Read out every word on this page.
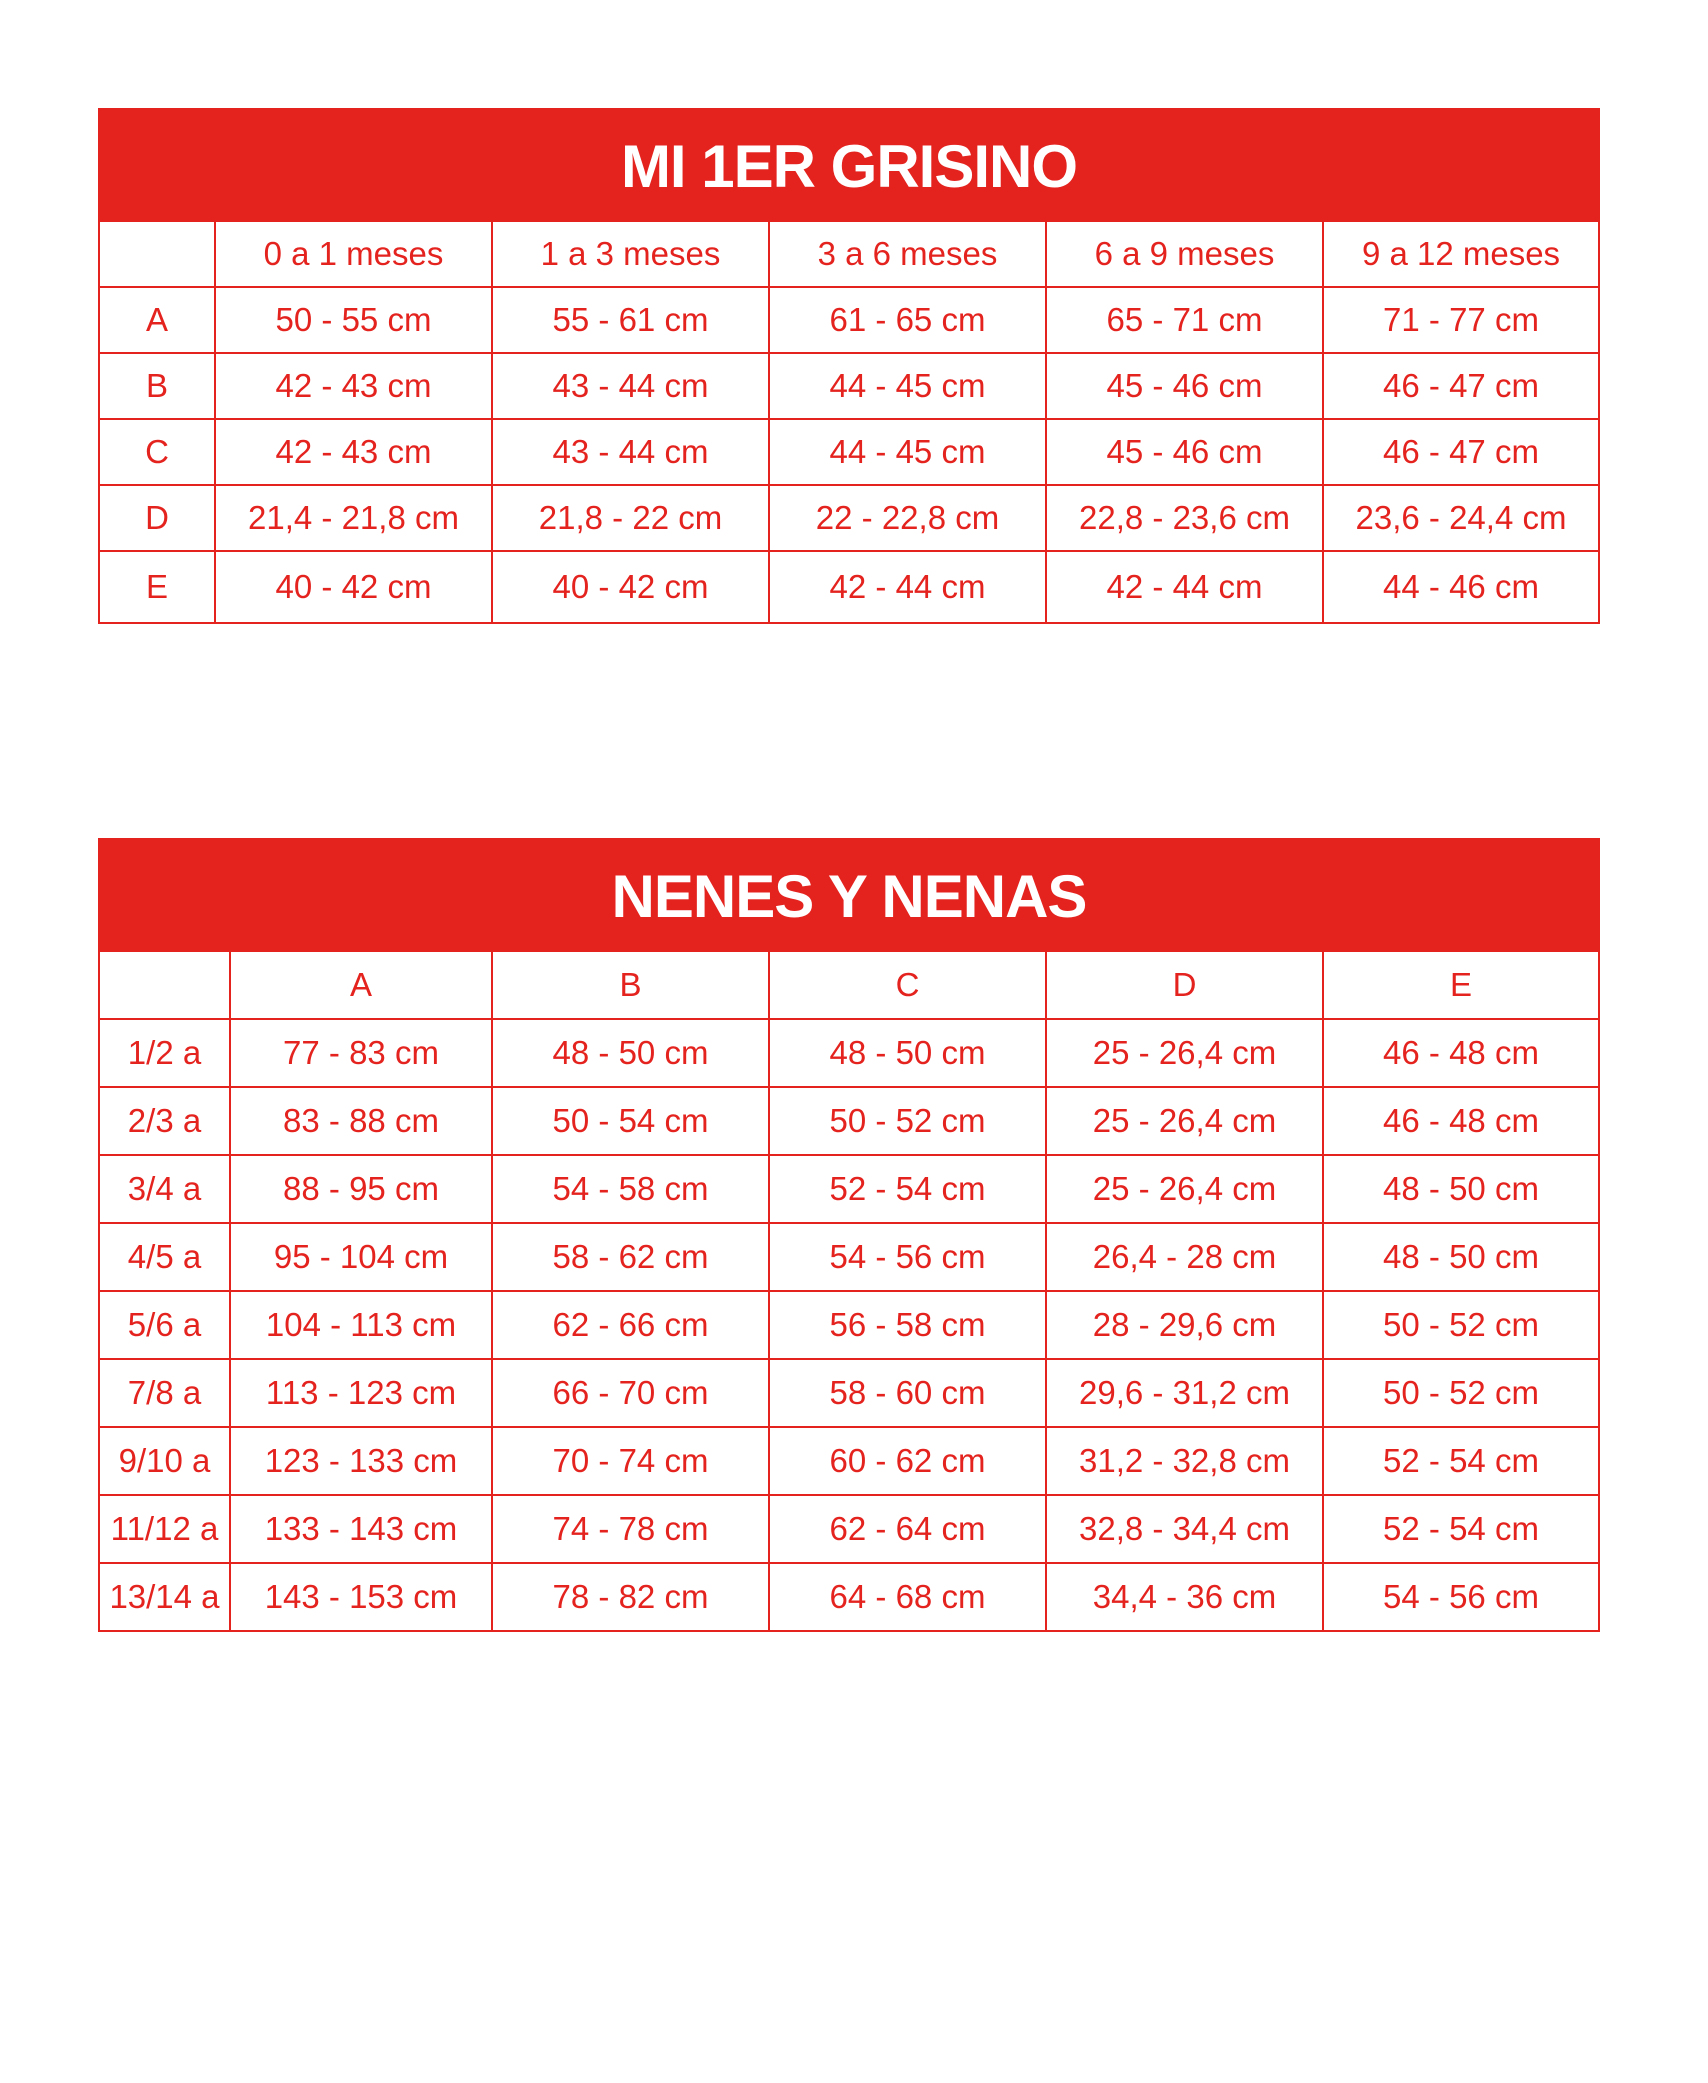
MI 1ER GRISINO
	0 a 1 meses	1 a 3 meses	3 a 6 meses	6 a 9 meses	9 a 12 meses
A	50 - 55 cm	55 - 61 cm	61 - 65 cm	65 - 71 cm	71 - 77 cm
B	42 - 43 cm	43 - 44 cm	44 - 45 cm	45 - 46 cm	46 - 47 cm
C	42 - 43 cm	43 - 44 cm	44 - 45 cm	45 - 46 cm	46 - 47 cm
D	21,4 - 21,8 cm	21,8 - 22 cm	22 - 22,8 cm	22,8 - 23,6 cm	23,6 - 24,4 cm
E	40 - 42 cm	40 - 42 cm	42 - 44 cm	42 - 44 cm	44 - 46 cm
NENES Y NENAS
	A	B	C	D	E
1/2 a	77 - 83 cm	48 - 50 cm	48 - 50 cm	25 - 26,4 cm	46 - 48 cm
2/3 a	83 - 88 cm	50 - 54 cm	50 - 52 cm	25 - 26,4 cm	46 - 48 cm
3/4 a	88 - 95 cm	54 - 58 cm	52 - 54 cm	25 - 26,4 cm	48 - 50 cm
4/5 a	95 - 104 cm	58 - 62 cm	54 - 56 cm	26,4 - 28 cm	48 - 50 cm
5/6 a	104 - 113 cm	62 - 66 cm	56 - 58 cm	28 - 29,6 cm	50 - 52 cm
7/8 a	113 - 123 cm	66 - 70 cm	58 - 60 cm	29,6 - 31,2 cm	50 - 52 cm
9/10 a	123 - 133 cm	70 - 74 cm	60 - 62 cm	31,2 - 32,8 cm	52 - 54 cm
11/12 a	133 - 143 cm	74 - 78 cm	62 - 64 cm	32,8 - 34,4 cm	52 - 54 cm
13/14 a	143 - 153 cm	78 - 82 cm	64 - 68 cm	34,4 - 36 cm	54 - 56 cm
